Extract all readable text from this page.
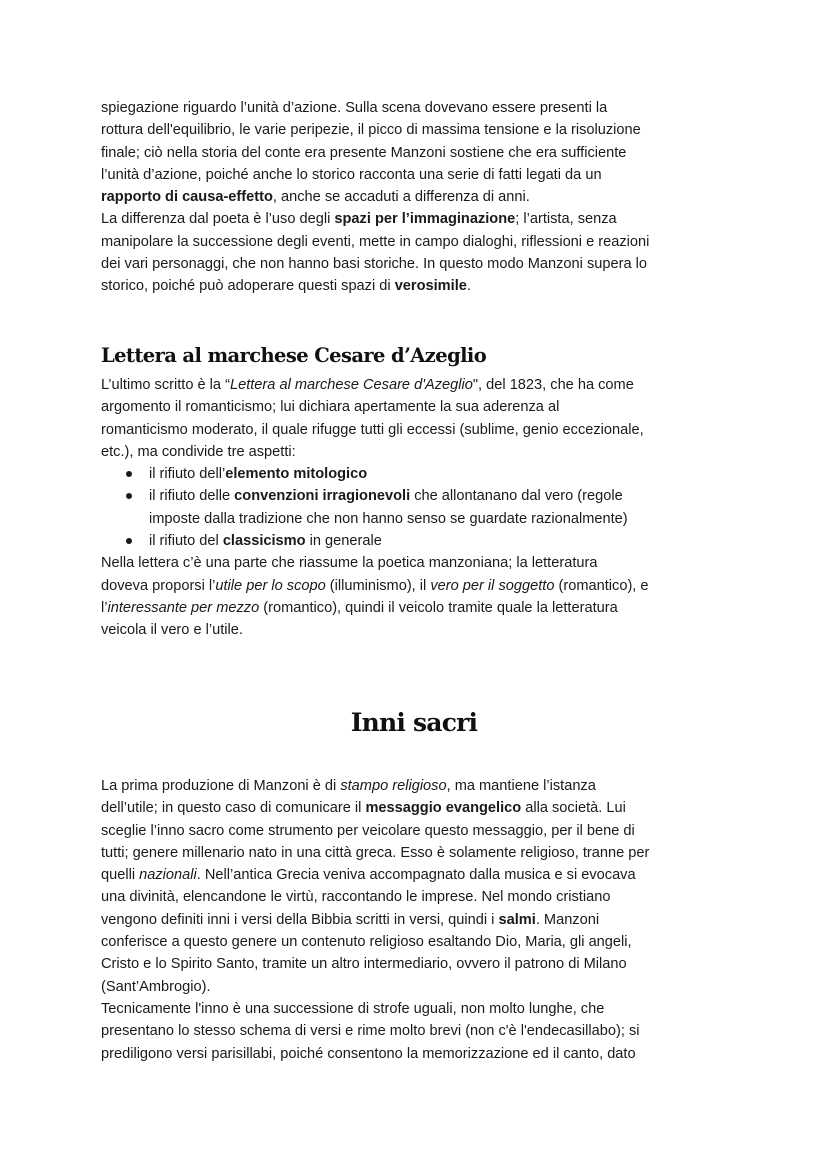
spiegazione riguardo l’unità d’azione. Sulla scena dovevano essere presenti la

rottura dell'equilibrio, le varie peripezie, il picco di massima tensione e la risoluzione

finale; ciò nella storia del conte era presente Manzoni sostiene che era sufficiente

l’unità d’azione, poiché anche lo storico racconta una serie di fatti legati da un

rapporto di causa-effetto, anche se accaduti a differenza di anni.

La differenza dal poeta è l’uso degli spazi per l’immaginazione; l’artista, senza

manipolare la successione degli eventi, mette in campo dialoghi, riflessioni e reazioni

dei vari personaggi, che non hanno basi storiche. In questo modo Manzoni supera lo

storico, poiché può adoperare questi spazi di verosimile.

Lettera al marchese Cesare d’Azeglio

L’ultimo scritto è la “Lettera al marchese Cesare d'Azeglio", del 1823, che ha come

argomento il romanticismo; lui dichiara apertamente la sua aderenza al

romanticismo moderato, il quale rifugge tutti gli eccessi (sublime, genio eccezionale,

etc.), ma condivide tre aspetti:

il rifiuto dell’elemento mitologico
il rifiuto delle convenzioni irragionevoli che allontanano dal vero (regole
imposte dalla tradizione che non hanno senso se guardate razionalmente)
il rifiuto del classicismo in generale

Nella lettera c’è una parte che riassume la poetica manzoniana; la letteratura

doveva proporsi l’utile per lo scopo (illuminismo), il vero per il soggetto (romantico), e

l’interessante per mezzo (romantico), quindi il veicolo tramite quale la letteratura

veicola il vero e l’utile.

Inni sacri

La prima produzione di Manzoni è di stampo religioso, ma mantiene l’istanza

dell’utile; in questo caso di comunicare il messaggio evangelico alla società. Lui

sceglie l’inno sacro come strumento per veicolare questo messaggio, per il bene di

tutti; genere millenario nato in una città greca. Esso è solamente religioso, tranne per

quelli nazionali. Nell’antica Grecia veniva accompagnato dalla musica e si evocava

una divinità, elencandone le virtù, raccontando le imprese. Nel mondo cristiano

vengono definiti inni i versi della Bibbia scritti in versi, quindi i salmi. Manzoni

conferisce a questo genere un contenuto religioso esaltando Dio, Maria, gli angeli,

Cristo e lo Spirito Santo, tramite un altro intermediario, ovvero il patrono di Milano

(Sant’Ambrogio).

Tecnicamente l'inno è una successione di strofe uguali, non molto lunghe, che

presentano lo stesso schema di versi e rime molto brevi (non c'è l'endecasillabo); si

prediligono versi parisillabi, poiché consentono la memorizzazione ed il canto, dato
